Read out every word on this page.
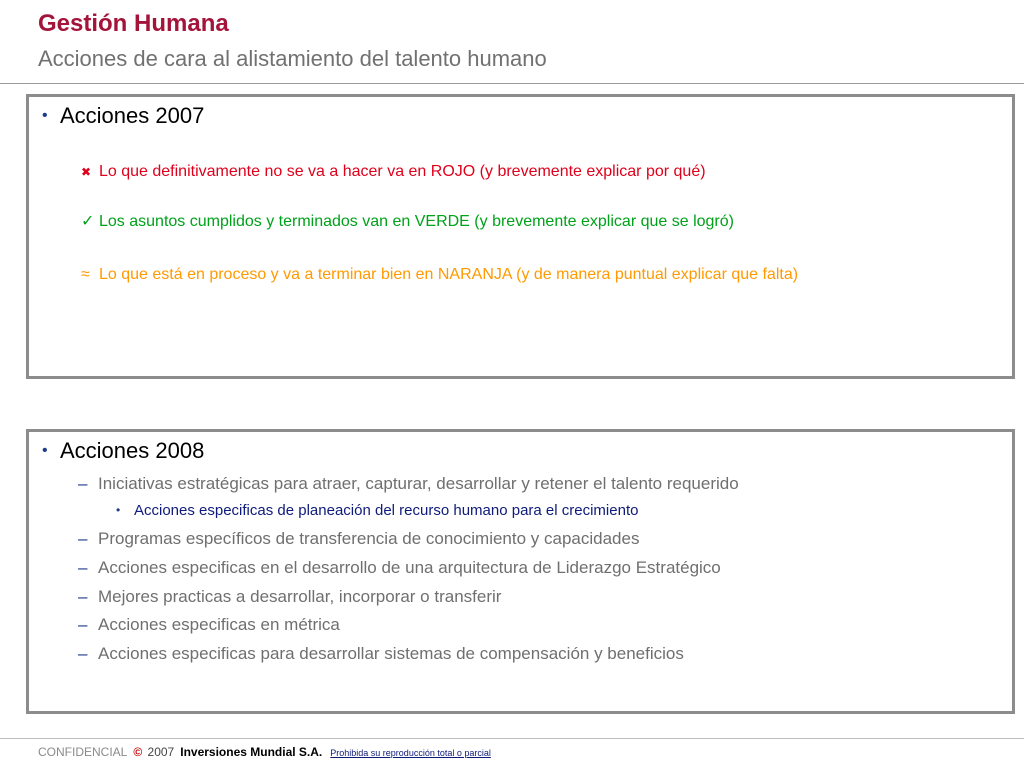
Gestión Humana
Acciones de cara al alistamiento del talento humano
• Acciones 2007
✖ Lo que definitivamente no se va a hacer va en ROJO (y brevemente explicar por qué)
✓ Los asuntos cumplidos y terminados van en VERDE (y brevemente explicar que se logró)
≈ Lo que está en proceso y va a terminar bien en NARANJA (y de manera puntual explicar que falta)
• Acciones 2008
– Iniciativas estratégicas para atraer, capturar, desarrollar y retener el talento requerido
• Acciones especificas de planeación del recurso humano para el crecimiento
– Programas específicos de transferencia de conocimiento y capacidades
– Acciones especificas en el desarrollo de una arquitectura de Liderazgo Estratégico
– Mejores practicas a desarrollar, incorporar o transferir
– Acciones especificas en métrica
– Acciones especificas para desarrollar sistemas de compensación y beneficios
CONFIDENCIAL © 2007 Inversiones Mundial S.A. Prohibida su reproducción total o parcial
